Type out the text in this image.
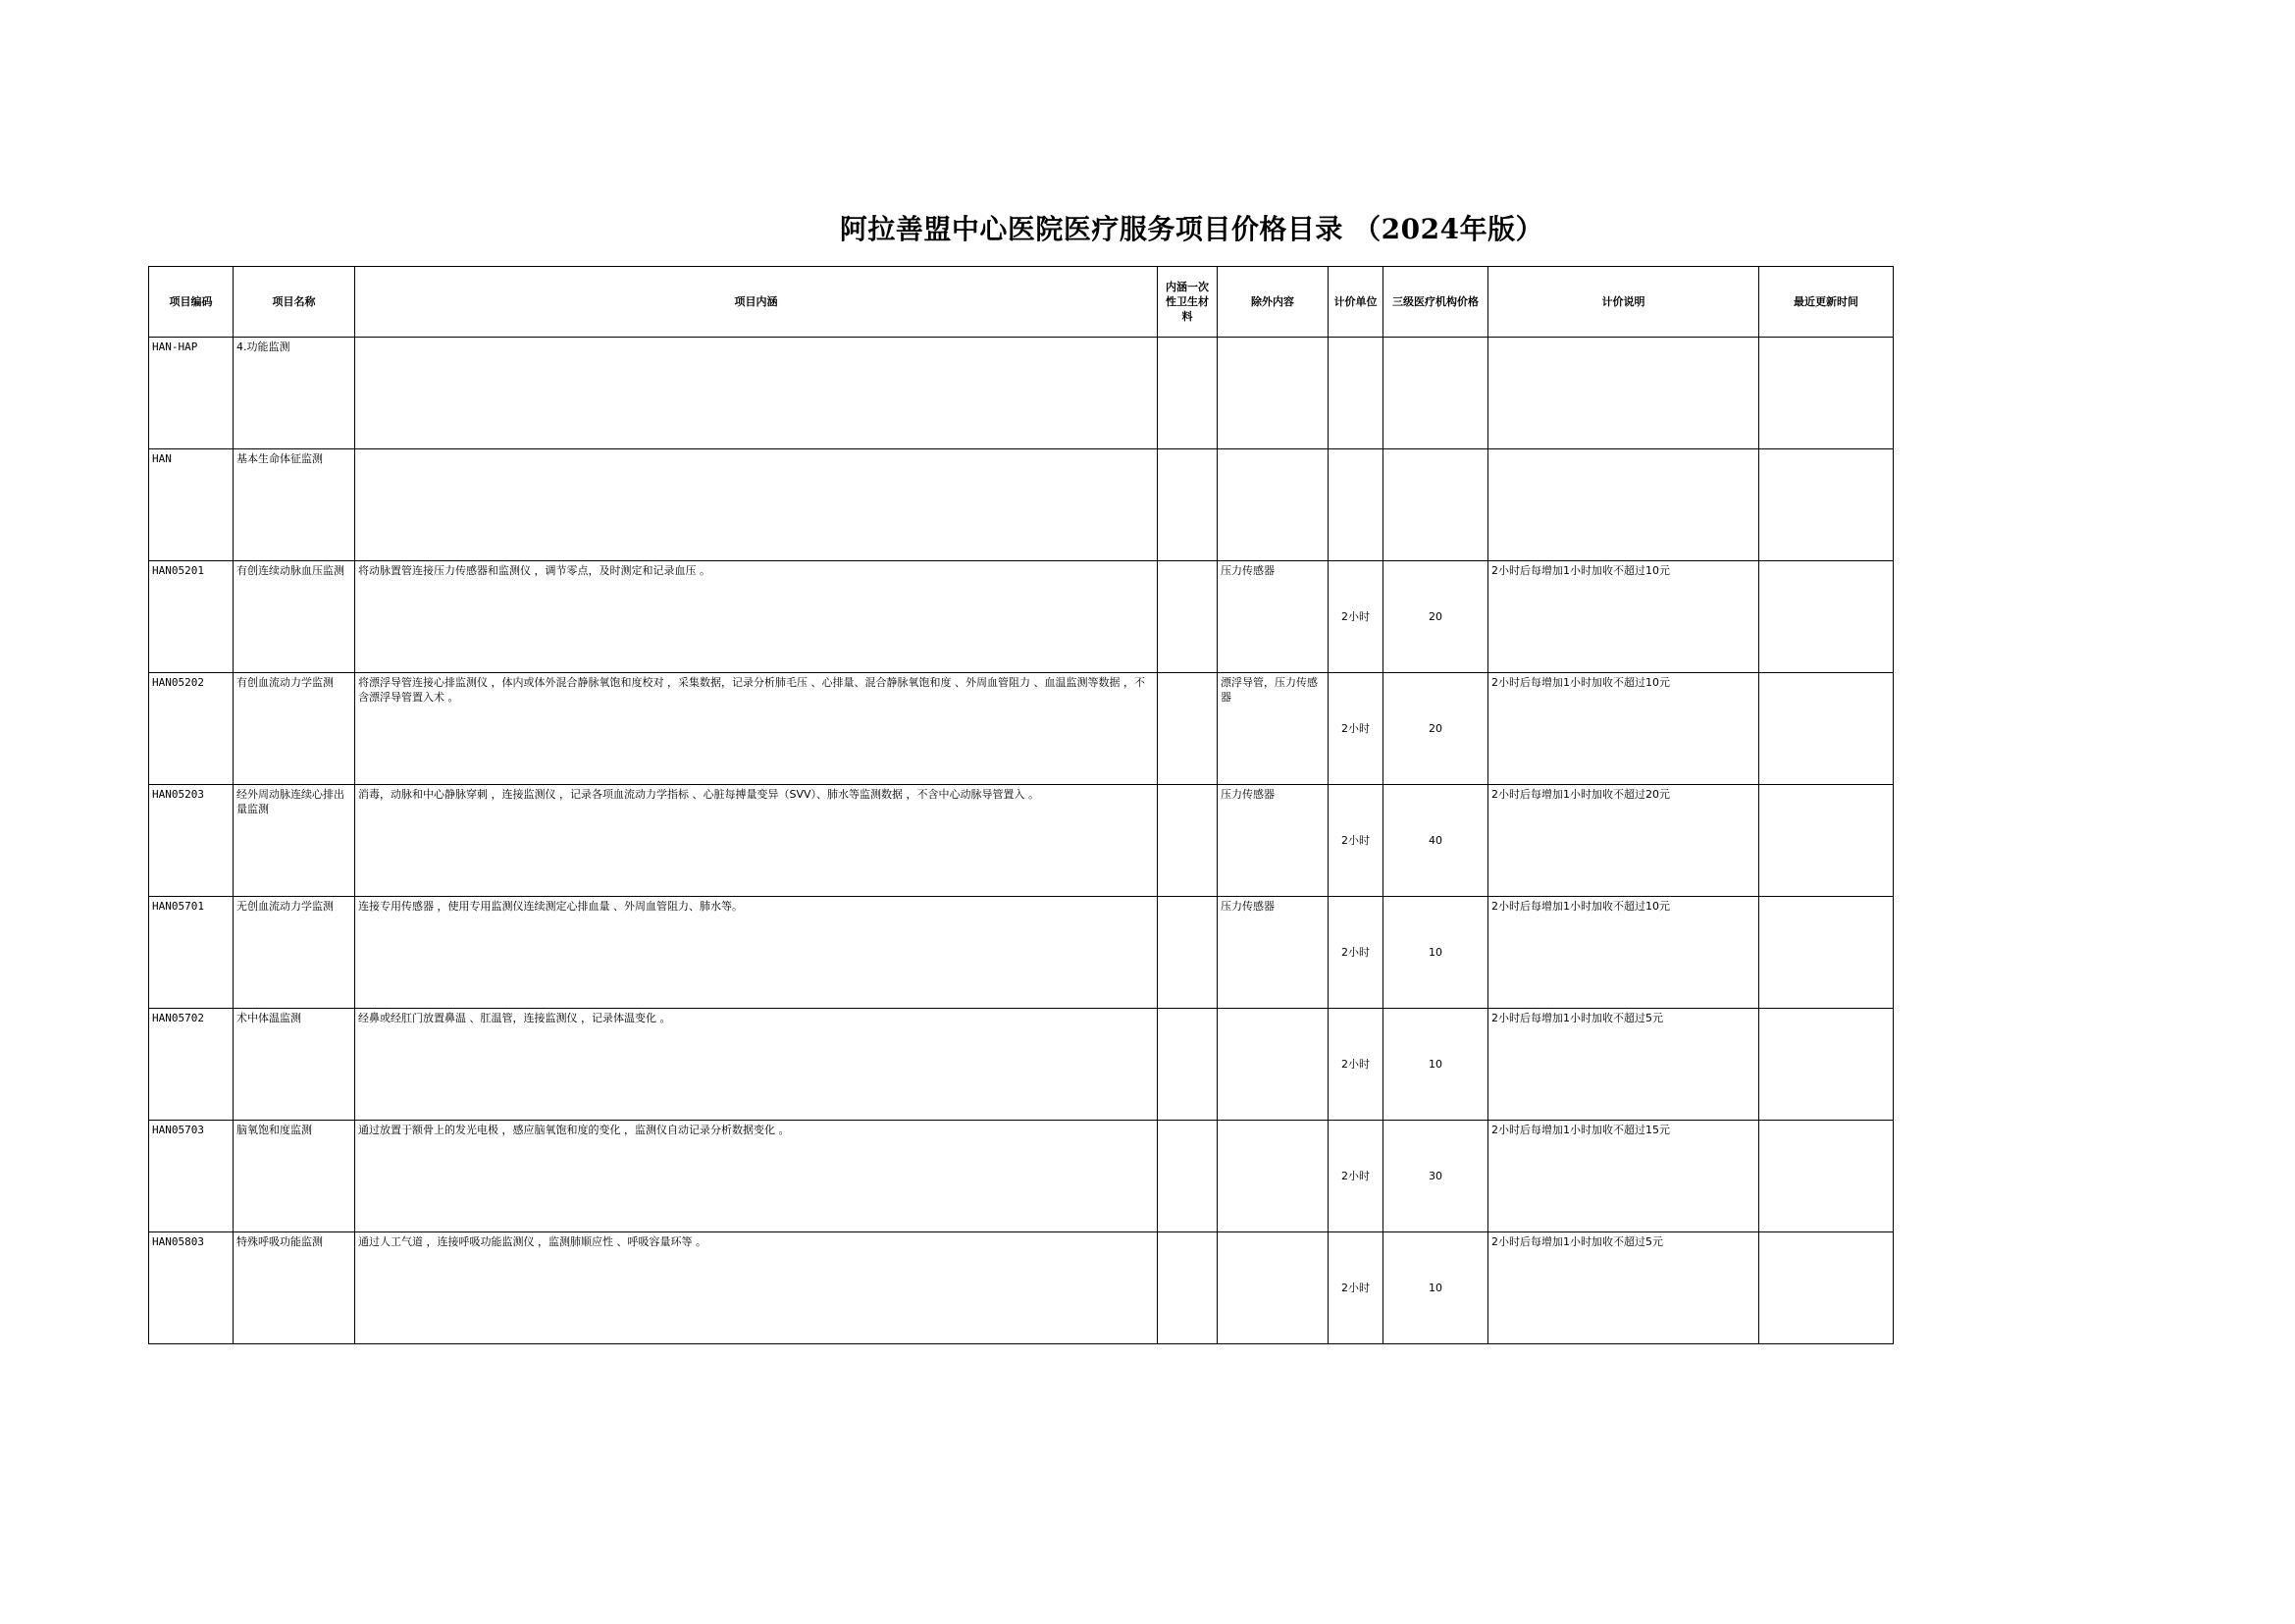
阿拉善盟中心医院医疗服务项目价格目录 （2024年版）
项目编码	项目名称	项目内涵	内涵一次性卫生材料	除外内容	计价单位	三级医疗机构价格	计价说明	最近更新时间
HAN-HAP	4.功能监测							
HAN	基本生命体征监测							
HAN05201	有创连续动脉血压监测	将动脉置管连接压力传感器和监测仪 ，调节零点，及时测定和记录血压 。		压力传感器	2小时	20	2小时后每增加1小时加收不超过10元	
HAN05202	有创血流动力学监测	将漂浮导管连接心排监测仪 ，体内或体外混合静脉氧饱和度校对 ，采集数据，记录分析肺毛压 、心排量、混合静脉氧饱和度 、外周血管阻力 、血温监测等数据 ，不含漂浮导管置入术 。		漂浮导管，压力传感器	2小时	20	2小时后每增加1小时加收不超过10元	
HAN05203	经外周动脉连续心排出量监测	消毒，动脉和中心静脉穿刺 ，连接监测仪 ，记录各项血流动力学指标 、心脏每搏量变异（SVV）、肺水等监测数据 ，不含中心动脉导管置入 。		压力传感器	2小时	40	2小时后每增加1小时加收不超过20元	
HAN05701	无创血流动力学监测	连接专用传感器 ，使用专用监测仪连续测定心排血量 、外周血管阻力、肺水等。		压力传感器	2小时	10	2小时后每增加1小时加收不超过10元	
HAN05702	术中体温监测	经鼻或经肛门放置鼻温 、肛温管，连接监测仪 ，记录体温变化 。			2小时	10	2小时后每增加1小时加收不超过5元	
HAN05703	脑氧饱和度监测	通过放置于额骨上的发光电极 ，感应脑氧饱和度的变化 ，监测仪自动记录分析数据变化 。			2小时	30	2小时后每增加1小时加收不超过15元	
HAN05803	特殊呼吸功能监测	通过人工气道 ，连接呼吸功能监测仪 ，监测肺顺应性 、呼吸容量环等 。			2小时	10	2小时后每增加1小时加收不超过5元	
